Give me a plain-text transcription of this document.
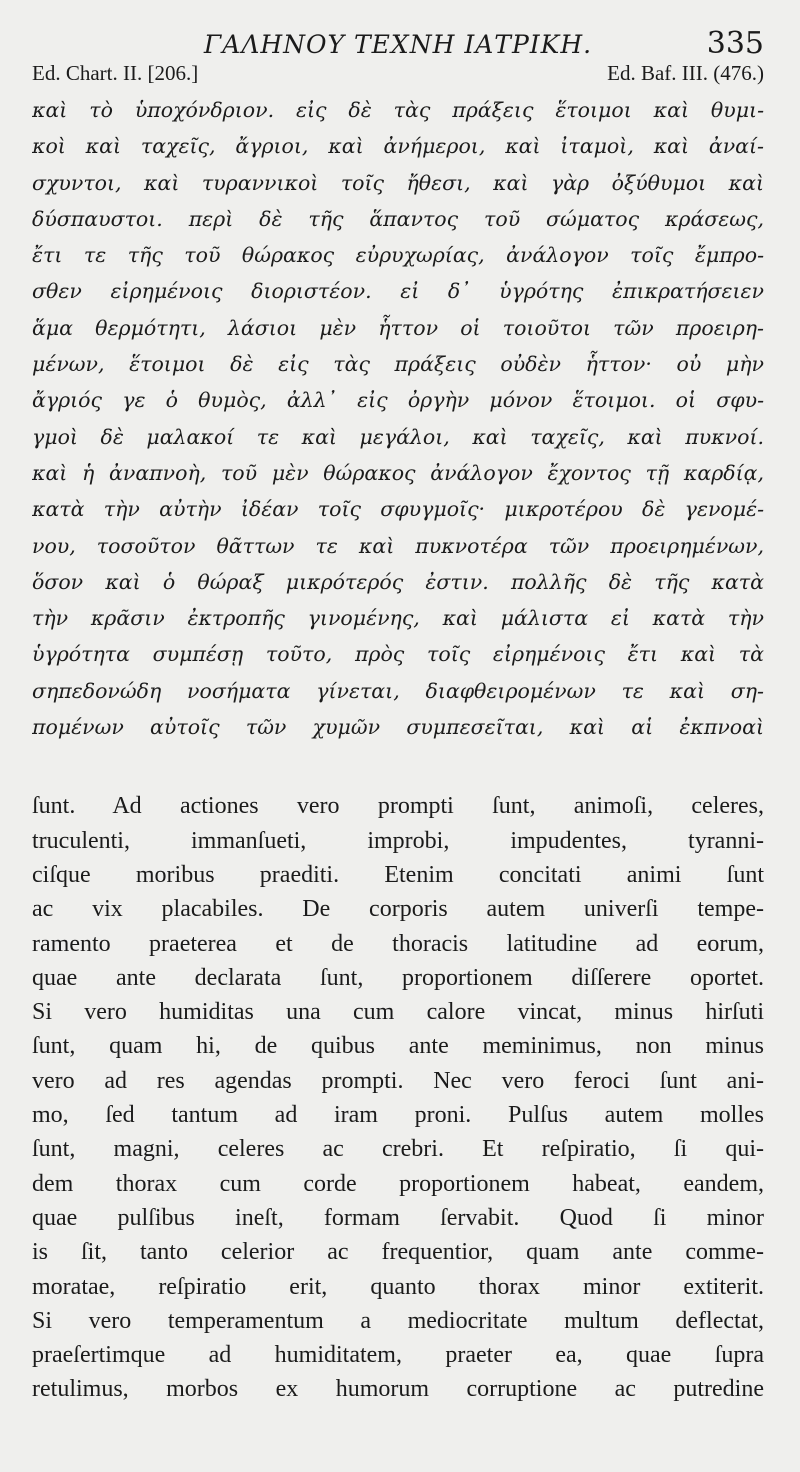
ΓΑΛΗΝΟΥ ΤΕΧΝΗ ΙΑΤΡΙΚΗ.	335
Ed. Chart. II. [206.]	Ed. Baf. III. (476.)
καὶ τὸ ὑποχόνδριον. εἰς δὲ τὰς πράξεις ἕτοιμοι καὶ θυμι-
κοὶ καὶ ταχεῖς, ἄγριοι, καὶ ἀνήμεροι, καὶ ἰταμοὶ, καὶ ἀναί-
σχυντοι, καὶ τυραννικοὶ τοῖς ἤθεσι, καὶ γὰρ ὀξύθυμοι καὶ
δύσπαυστοι. περὶ δὲ τῆς ἅπαντος τοῦ σώματος κράσεως,
ἔτι τε τῆς τοῦ θώρακος εὐρυχωρίας, ἀνάλογον τοῖς ἔμπρο-
σθεν εἰρημένοις διοριστέον. εἰ δ᾽ ὑγρότης ἐπικρατήσειεν
ἅμα θερμότητι, λάσιοι μὲν ἧττον οἱ τοιοῦτοι τῶν προειρη-
μένων, ἕτοιμοι δὲ εἰς τὰς πράξεις οὐδὲν ἧττον· οὐ μὴν
ἄγριός γε ὁ θυμὸς, ἀλλ᾽ εἰς ὀργὴν μόνον ἕτοιμοι. οἱ σφυ-
γμοὶ δὲ μαλακοί τε καὶ μεγάλοι, καὶ ταχεῖς, καὶ πυκνοί.
καὶ ἡ ἀναπνοὴ, τοῦ μὲν θώρακος ἀνάλογον ἔχοντος τῇ καρδίᾳ,
κατὰ τὴν αὐτὴν ἰδέαν τοῖς σφυγμοῖς· μικροτέρου δὲ γενομέ-
νου, τοσοῦτον θᾶττων τε καὶ πυκνοτέρα τῶν προειρημένων,
ὅσον καὶ ὁ θώραξ μικρότερός ἐστιν. πολλῆς δὲ τῆς κατὰ
τὴν κρᾶσιν ἐκτροπῆς γινομένης, καὶ μάλιστα εἰ κατὰ τὴν
ὑγρότητα συμπέσῃ τοῦτο, πρὸς τοῖς εἰρημένοις ἔτι καὶ τὰ
σηπεδονώδη νοσήματα γίνεται, διαφθειρομένων τε καὶ ση-
πομένων αὐτοῖς τῶν χυμῶν συμπεσεῖται, καὶ αἱ ἐκπνοαὶ
ſunt. Ad actiones vero prompti ſunt, animoſi, celeres,
truculenti, immanſueti, improbi, impudentes, tyranni-
ciſque moribus praediti. Etenim concitati animi ſunt
ac vix placabiles. De corporis autem univerſi tempe-
ramento praeterea et de thoracis latitudine ad eorum,
quae ante declarata ſunt, proportionem diſſerere oportet.
Si vero humiditas una cum calore vincat, minus hirſuti
ſunt, quam hi, de quibus ante meminimus, non minus
vero ad res agendas prompti. Nec vero feroci ſunt ani-
mo, ſed tantum ad iram proni. Pulſus autem molles
ſunt, magni, celeres ac crebri. Et reſpiratio, ſi qui-
dem thorax cum corde proportionem habeat, eandem,
quae pulſibus ineſt, formam ſervabit. Quod ſi minor
is ſit, tanto celerior ac frequentior, quam ante comme-
moratae, reſpiratio erit, quanto thorax minor extiterit.
Si vero temperamentum a mediocritate multum deflectat,
praeſertimque ad humiditatem, praeter ea, quae ſupra
retulimus, morbos ex humorum corruptione ac putredine
